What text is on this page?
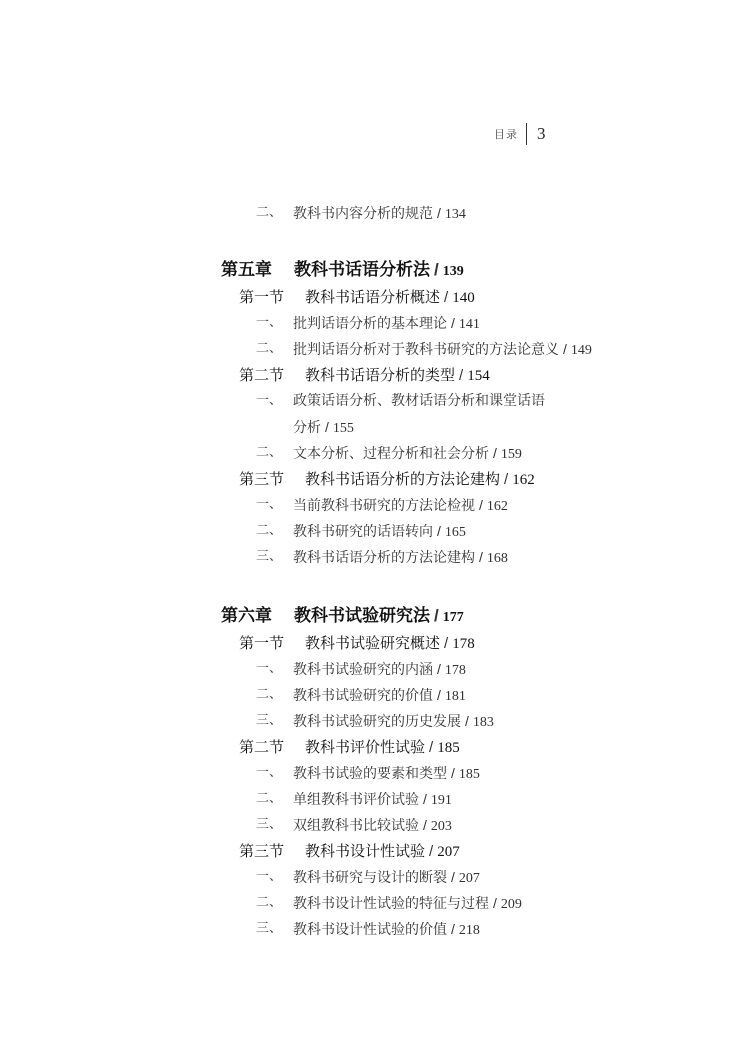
目录 3
二、 教科书内容分析的规范 / 134
第五章 教科书话语分析法 / 139
第一节 教科书话语分析概述 / 140
一、 批判话语分析的基本理论 / 141
二、 批判话语分析对于教科书研究的方法论意义 / 149
第二节 教科书话语分析的类型 / 154
一、 政策话语分析、教材话语分析和课堂话语
分析 / 155
二、 文本分析、过程分析和社会分析 / 159
第三节 教科书话语分析的方法论建构 / 162
一、 当前教科书研究的方法论检视 / 162
二、 教科书研究的话语转向 / 165
三、 教科书话语分析的方法论建构 / 168
第六章 教科书试验研究法 / 177
第一节 教科书试验研究概述 / 178
一、 教科书试验研究的内涵 / 178
二、 教科书试验研究的价值 / 181
三、 教科书试验研究的历史发展 / 183
第二节 教科书评价性试验 / 185
一、 教科书试验的要素和类型 / 185
二、 单组教科书评价试验 / 191
三、 双组教科书比较试验 / 203
第三节 教科书设计性试验 / 207
一、 教科书研究与设计的断裂 / 207
二、 教科书设计性试验的特征与过程 / 209
三、 教科书设计性试验的价值 / 218
